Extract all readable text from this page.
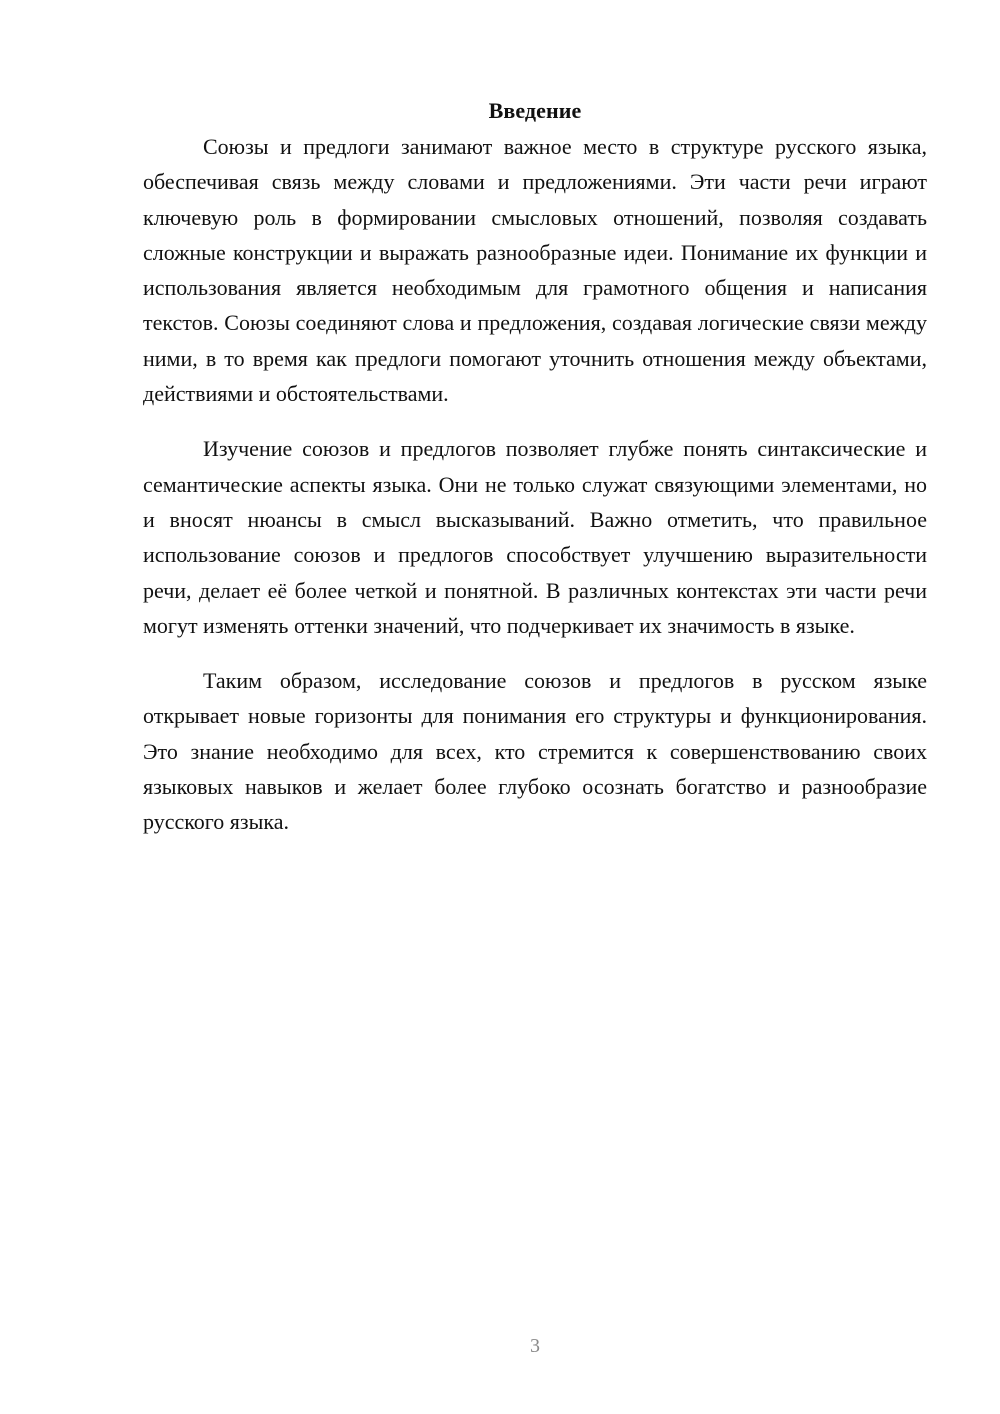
Введение

Союзы и предлоги занимают важное место в структуре русского языка, обеспечивая связь между словами и предложениями. Эти части речи играют ключевую роль в формировании смысловых отношений, позволяя создавать сложные конструкции и выражать разнообразные идеи. Понимание их функции и использования является необходимым для грамотного общения и написания текстов. Союзы соединяют слова и предложения, создавая логические связи между ними, в то время как предлоги помогают уточнить отношения между объектами, действиями и обстоятельствами.

Изучение союзов и предлогов позволяет глубже понять синтаксические и семантические аспекты языка. Они не только служат связующими элементами, но и вносят нюансы в смысл высказываний. Важно отметить, что правильное использование союзов и предлогов способствует улучшению выразительности речи, делает её более четкой и понятной. В различных контекстах эти части речи могут изменять оттенки значений, что подчеркивает их значимость в языке.

Таким образом, исследование союзов и предлогов в русском языке открывает новые горизонты для понимания его структуры и функционирования. Это знание необходимо для всех, кто стремится к совершенствованию своих языковых навыков и желает более глубоко осознать богатство и разнообразие русского языка.

3
